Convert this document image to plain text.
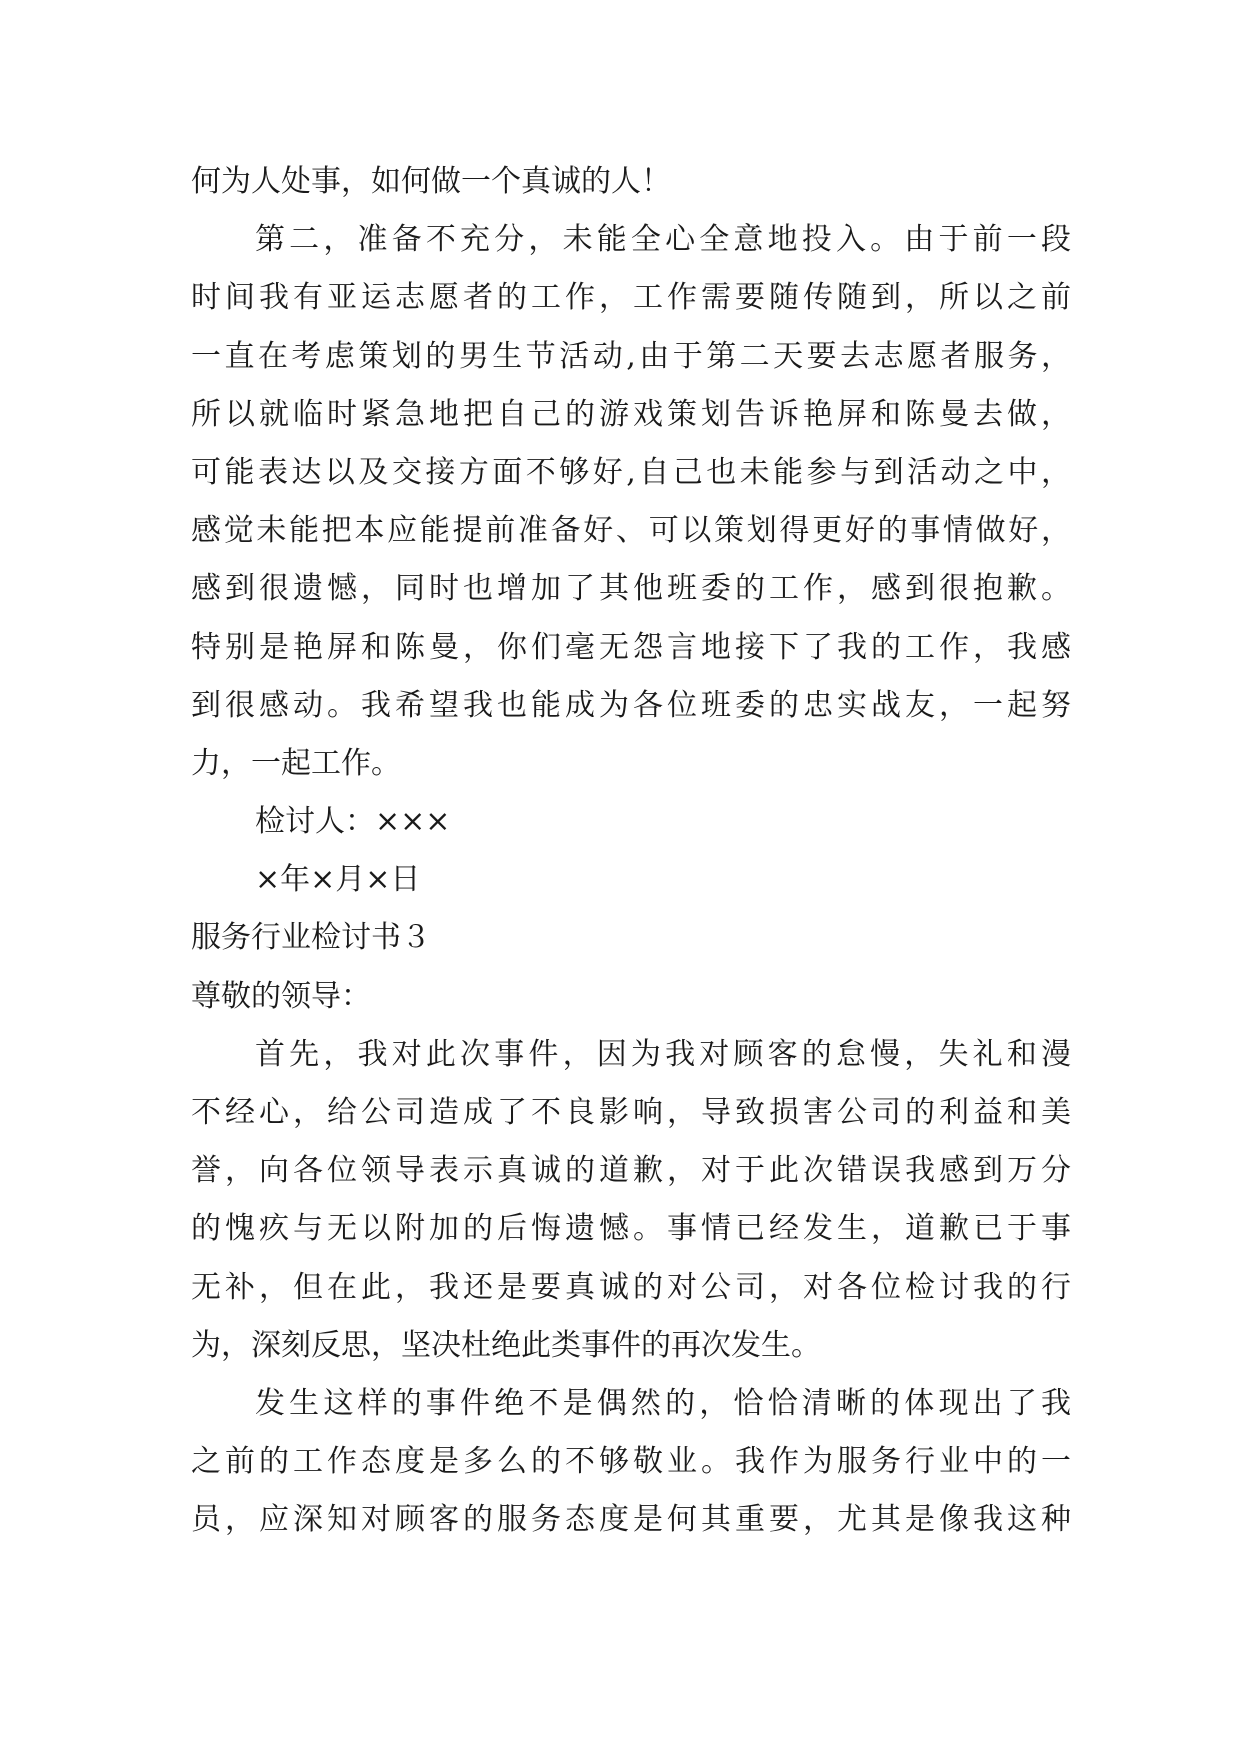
何为人处事，如何做一个真诚的人！
第二，准备不充分，未能全心全意地投入。由于前一段
时间我有亚运志愿者的工作，工作需要随传随到，所以之前
一直在考虑策划的男生节活动,由于第二天要去志愿者服务，
所以就临时紧急地把自己的游戏策划告诉艳屏和陈曼去做，
可能表达以及交接方面不够好,自己也未能参与到活动之中，
感觉未能把本应能提前准备好、可以策划得更好的事情做好，
感到很遗憾，同时也增加了其他班委的工作，感到很抱歉。
特别是艳屏和陈曼，你们毫无怨言地接下了我的工作，我感
到很感动。我希望我也能成为各位班委的忠实战友，一起努
力，一起工作。
检讨人：×××
×年×月×日
服务行业检讨书３
尊敬的领导：
首先，我对此次事件，因为我对顾客的怠慢，失礼和漫
不经心，给公司造成了不良影响，导致损害公司的利益和美
誉，向各位领导表示真诚的道歉，对于此次错误我感到万分
的愧疚与无以附加的后悔遗憾。事情已经发生，道歉已于事
无补，但在此，我还是要真诚的对公司，对各位检讨我的行
为，深刻反思，坚决杜绝此类事件的再次发生。
发生这样的事件绝不是偶然的，恰恰清晰的体现出了我
之前的工作态度是多么的不够敬业。我作为服务行业中的一
员，应深知对顾客的服务态度是何其重要，尤其是像我这种
